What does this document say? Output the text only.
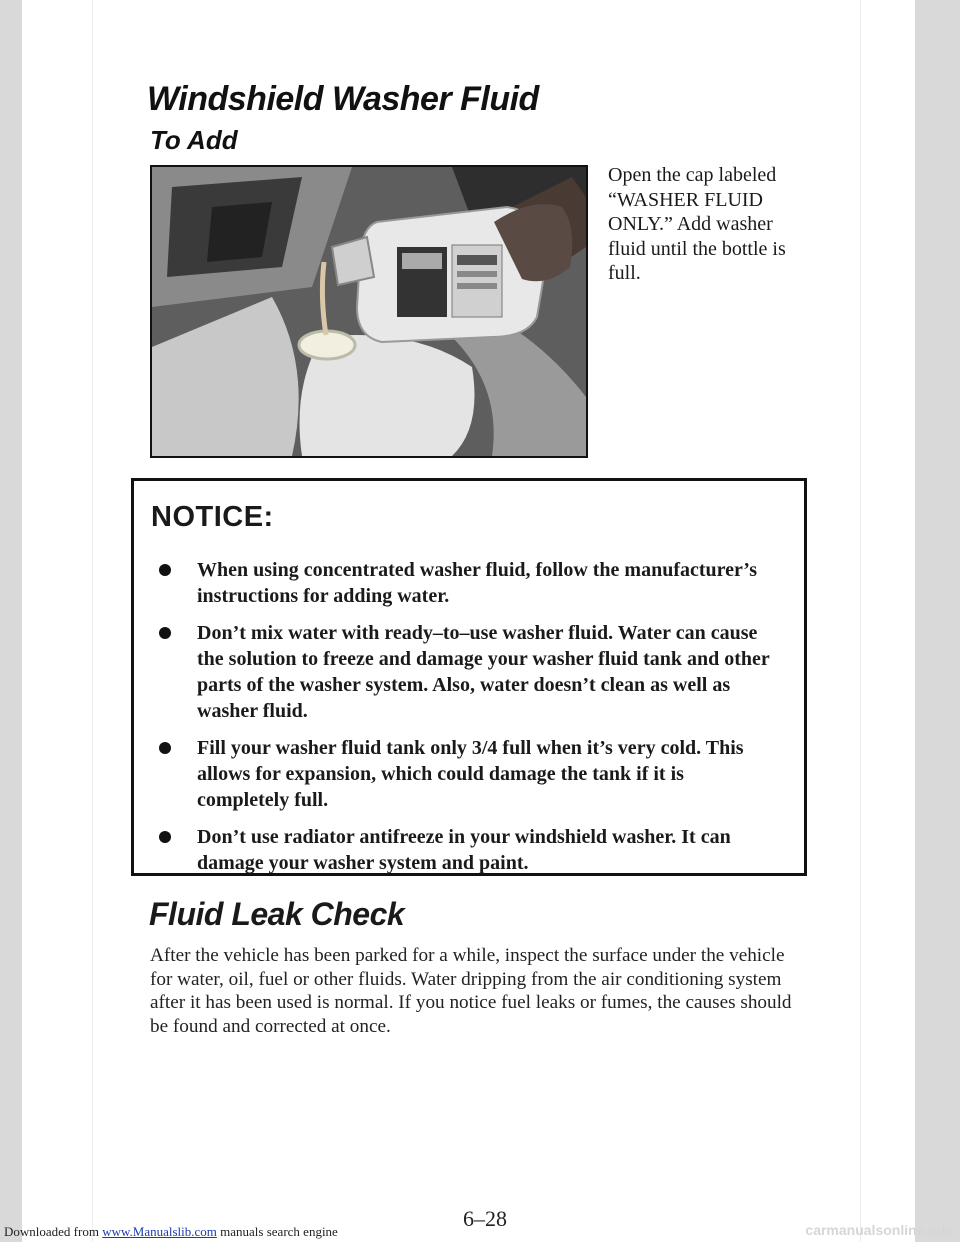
Windshield Washer Fluid
To Add

Open the cap labeled “WASHER FLUID ONLY.” Add washer fluid until the bottle is full.

NOTICE:
When using concentrated washer fluid, follow the manufacturer’s instructions for adding water.
Don’t mix water with ready–to–use washer fluid. Water can cause the solution to freeze and damage your washer fluid tank and other parts of the washer system. Also, water doesn’t clean as well as washer fluid.
Fill your washer fluid tank only 3/4 full when it’s very cold. This allows for expansion, which could damage the tank if it is completely full.
Don’t use radiator antifreeze in your windshield washer. It can damage your washer system and paint.
Fluid Leak Check

After the vehicle has been parked for a while, inspect the surface under the vehicle for water, oil, fuel or other fluids. Water dripping from the air conditioning system after it has been used is normal. If you notice fuel leaks or fumes, the causes should be found and corrected at once.

6–28

Downloaded from www.Manualslib.com manuals search engine	carmanualsonline.info
